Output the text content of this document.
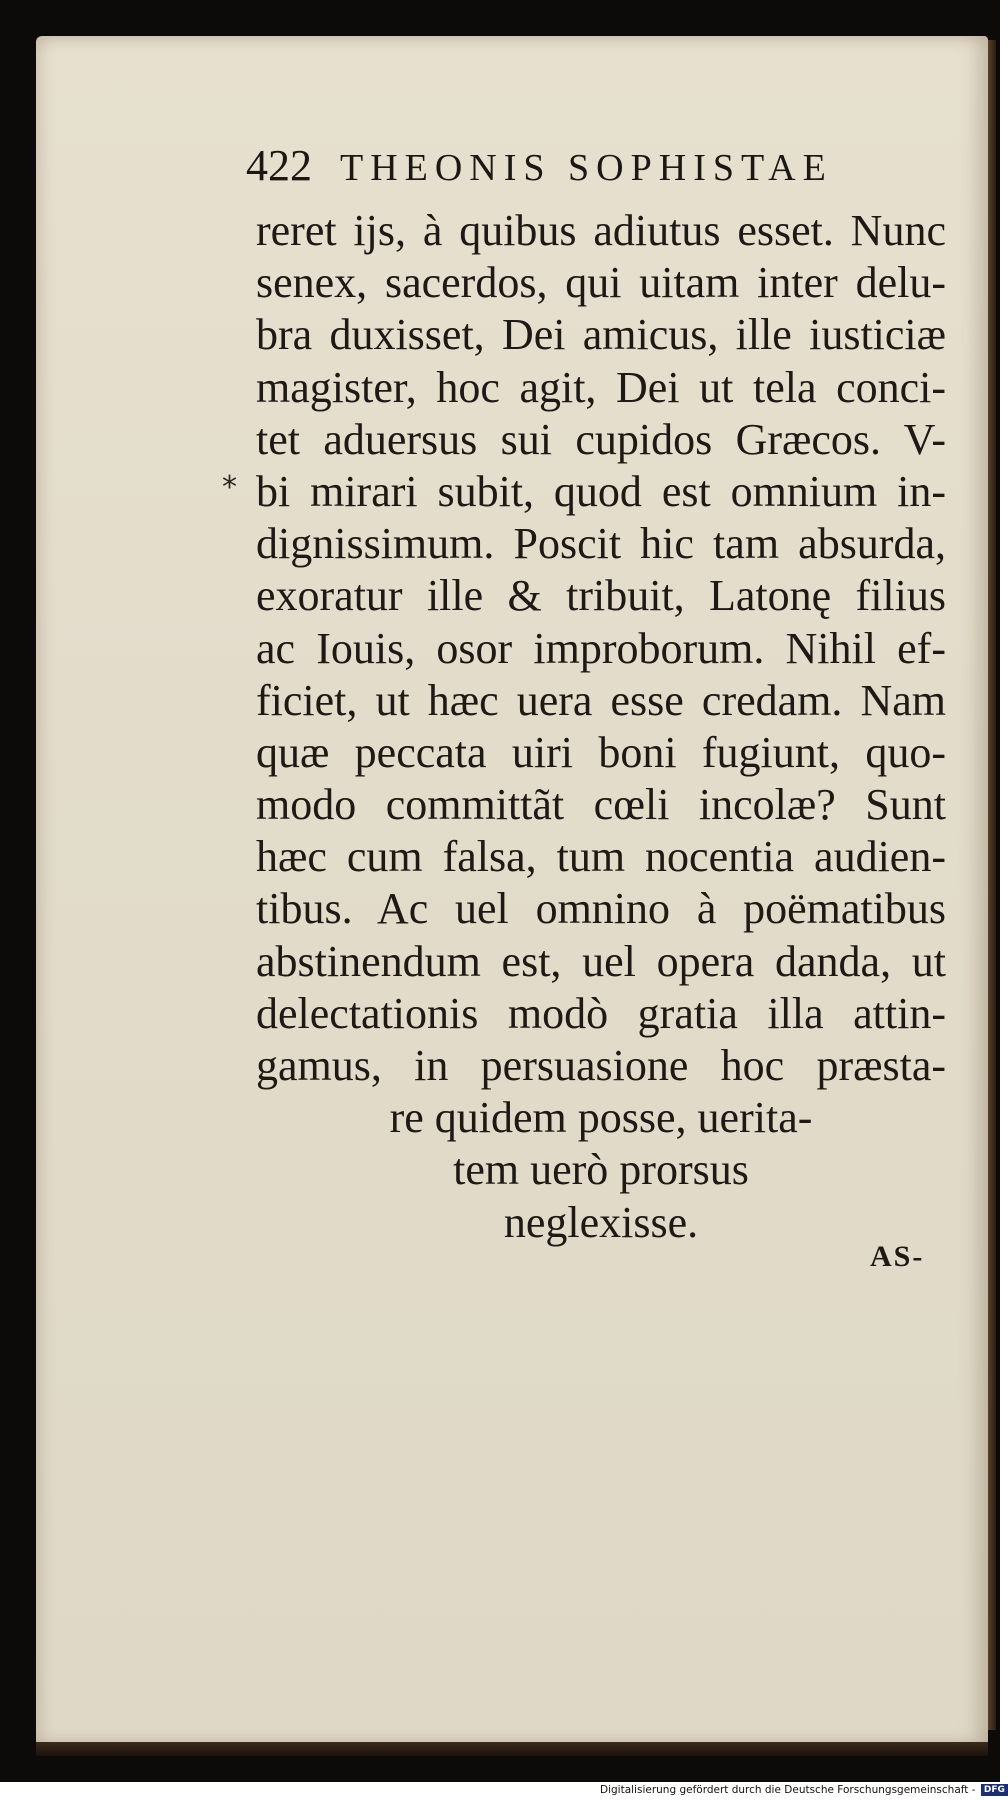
422 THEONIS SOPHISTAE
*
reret ijs, à quibus adiutus esset. Nunc
senex, sacerdos, qui uitam inter delu-
bra duxisset, Dei amicus, ille iusticiæ
magister, hoc agit, Dei ut tela conci-
tet aduersus sui cupidos Græcos. V-
bi mirari subit, quod est omnium in-
dignissimum. Poscit hic tam absurda,
exoratur ille & tribuit, Latonę filius
ac Iouis, osor improborum. Nihil ef-
ficiet, ut hæc uera esse credam. Nam
quæ peccata uiri boni fugiunt, quo-
modo committãt cœli incolæ? Sunt
hæc cum falsa, tum nocentia audien-
tibus. Ac uel omnino à poëmatibus
abstinendum est, uel opera danda, ut
delectationis modò gratia illa attin-
gamus, in persuasione hoc præsta-
re quidem posse, uerita-
tem uerò prorsus
neglexisse.
AS-
Digitalisierung gefördert durch die Deutsche Forschungsgemeinschaft - DFG
